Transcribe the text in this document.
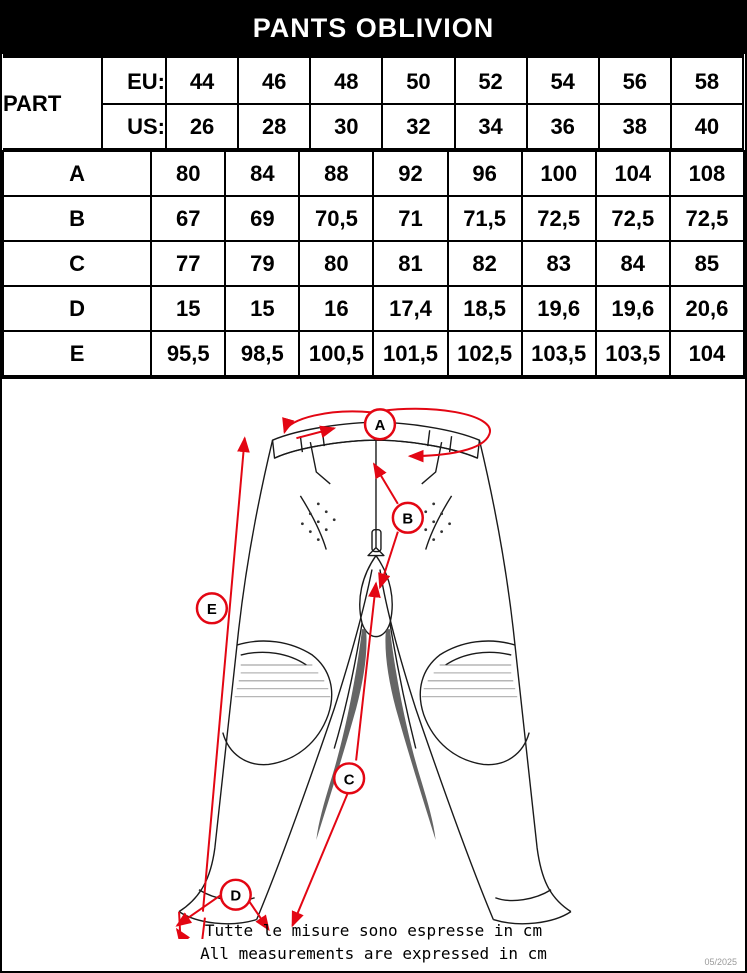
PANTS OBLIVION
PART	EU:	44	46	48	50	52	54	56	58
US:	26	28	30	32	34	36	38	40

A	80	84	88	92	96	100	104	108
B	67	69	70,5	71	71,5	72,5	72,5	72,5
C	77	79	80	81	82	83	84	85
D	15	15	16	17,4	18,5	19,6	19,6	20,6
E	95,5	98,5	100,5	101,5	102,5	103,5	103,5	104
A
B
C
D
E
Tutte le misure sono espresse in cm
All measurements are expressed in cm	05/2025
